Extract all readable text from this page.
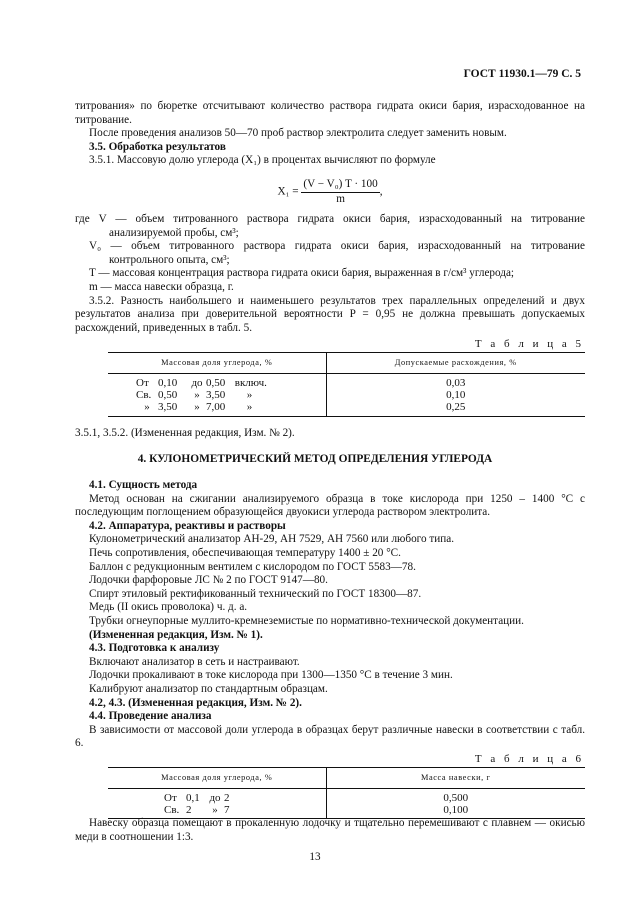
ГОСТ 11930.1—79 С. 5

титрования» по бюретке отсчитывают количество раствора гидрата окиси бария, израсходованное на титрование.

После проведения анализов 50—70 проб раствор электролита следует заменить новым.

3.5. Обработка результатов

3.5.1. Массовую долю углерода (X₁) в процентах вычисляют по формуле

$X_1 = \frac{\text{(V − V₀) T · 100}}{m}$ ,

где V — объем титрованного раствора гидрата окиси бария, израсходованный на титрование анализируемой пробы, см³;

V₀ — объем титрованного раствора гидрата окиси бария, израсходованный на титрование контрольного опыта, см³;

T — массовая концентрация раствора гидрата окиси бария, выраженная в г/см³ углерода;

m — масса навески образца, г.

3.5.2. Разность наибольшего и наименьшего результатов трех параллельных определений и двух результатов анализа при доверительной вероятности P = 0,95 не должна превышать допускаемых расхождений, приведенных в табл. 5.

Т а б л и ц а 5
Массовая доля углерода, %	Допускаемые расхождения, %
От 0,10 до 0,50 включ.	0,03
Св. 0,50 » 3,50 »	0,10
» 3,50 » 7,00 »	0,25

3.5.1, 3.5.2. (Измененная редакция, Изм. № 2).

4. КУЛОНОМЕТРИЧЕСКИЙ МЕТОД ОПРЕДЕЛЕНИЯ УГЛЕРОДА

4.1. Сущность метода

Метод основан на сжигании анализируемого образца в токе кислорода при 1250 – 1400 °С с последующим поглощением образующейся двуокиси углерода раствором электролита.

4.2. Аппаратура, реактивы и растворы

Кулонометрический анализатор АН-29, АН 7529, АН 7560 или любого типа.

Печь сопротивления, обеспечивающая температуру 1400 ± 20 °С.

Баллон с редукционным вентилем с кислородом по ГОСТ 5583—78.

Лодочки фарфоровые ЛС № 2 по ГОСТ 9147—80.

Спирт этиловый ректификованный технический по ГОСТ 18300—87.

Медь (II окись проволока) ч. д. а.

Трубки огнеупорные муллито-кремнеземистые по нормативно-технической документации.

(Измененная редакция, Изм. № 1).

4.3. Подготовка к анализу

Включают анализатор в сеть и настраивают.

Лодочки прокаливают в токе кислорода при 1300—1350 °С в течение 3 мин.

Калибруют анализатор по стандартным образцам.

4.2, 4.3. (Измененная редакция, Изм. № 2).

4.4. Проведение анализа

В зависимости от массовой доли углерода в образцах берут различные навески в соответствии с табл. 6.

Т а б л и ц а 6
Массовая доля углерода, %	Масса навески, г
От 0,1 до 2	0,500
Св. 2 » 7	0,100

Навеску образца помещают в прокаленную лодочку и тщательно перемешивают с плавнем — окисью меди в соотношении 1:3.

13
